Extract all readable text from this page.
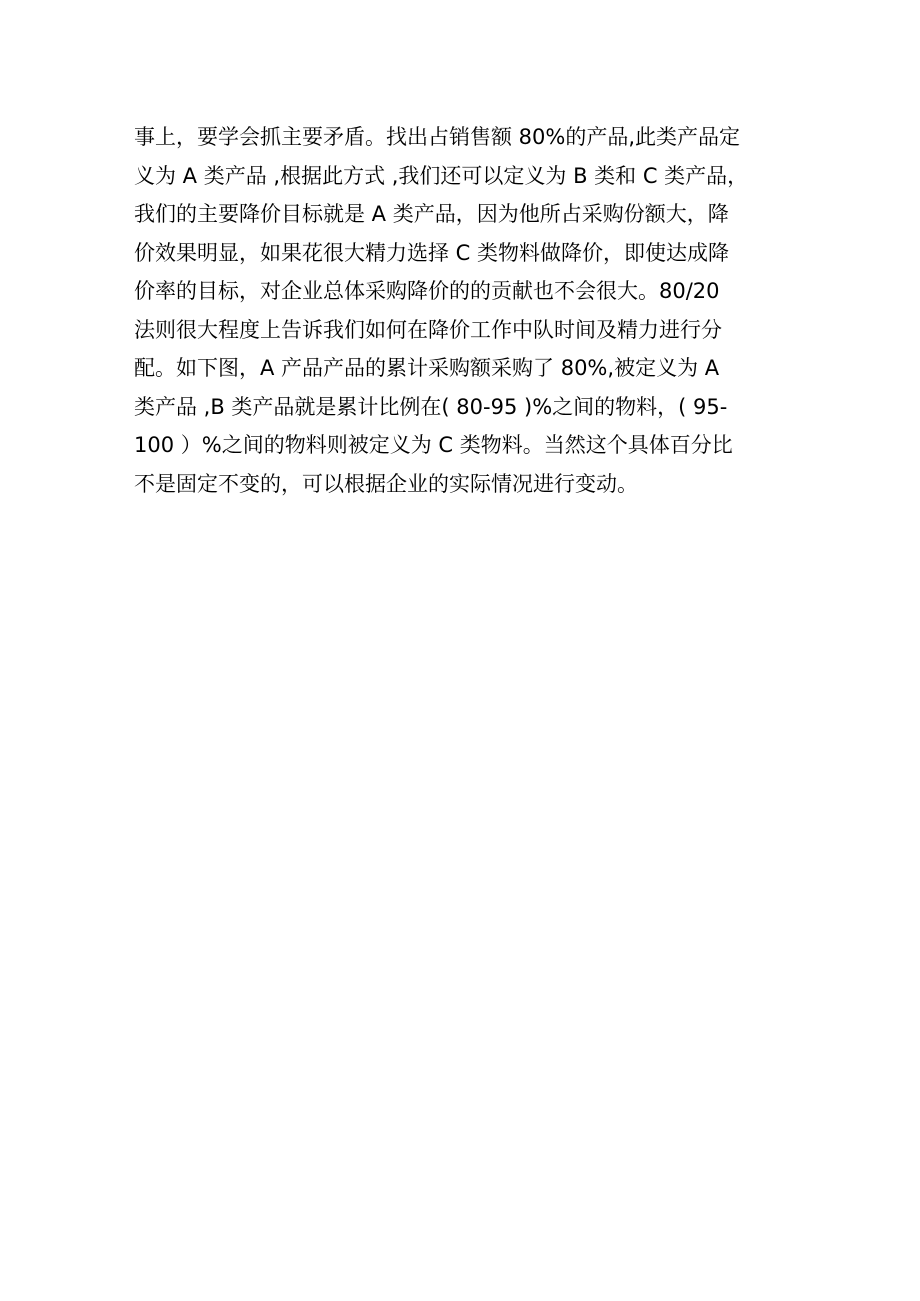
事上，要学会抓主要矛盾。找出占销售额 80%的产品,此类产品定
义为 A 类产品 ,根据此方式 ,我们还可以定义为 B 类和 C 类产品，
我们的主要降价目标就是 A 类产品，因为他所占采购份额大，降
价效果明显，如果花很大精力选择 C 类物料做降价，即使达成降
价率的目标，对企业总体采购降价的的贡献也不会很大。80/20
法则很大程度上告诉我们如何在降价工作中队时间及精力进行分
配。如下图，A 产品产品的累计采购额采购了 80%,被定义为 A
类产品 ,B 类产品就是累计比例在( 80-95 )%之间的物料，( 95-
100 ）%之间的物料则被定义为 C 类物料。当然这个具体百分比
不是固定不变的，可以根据企业的实际情况进行变动。
